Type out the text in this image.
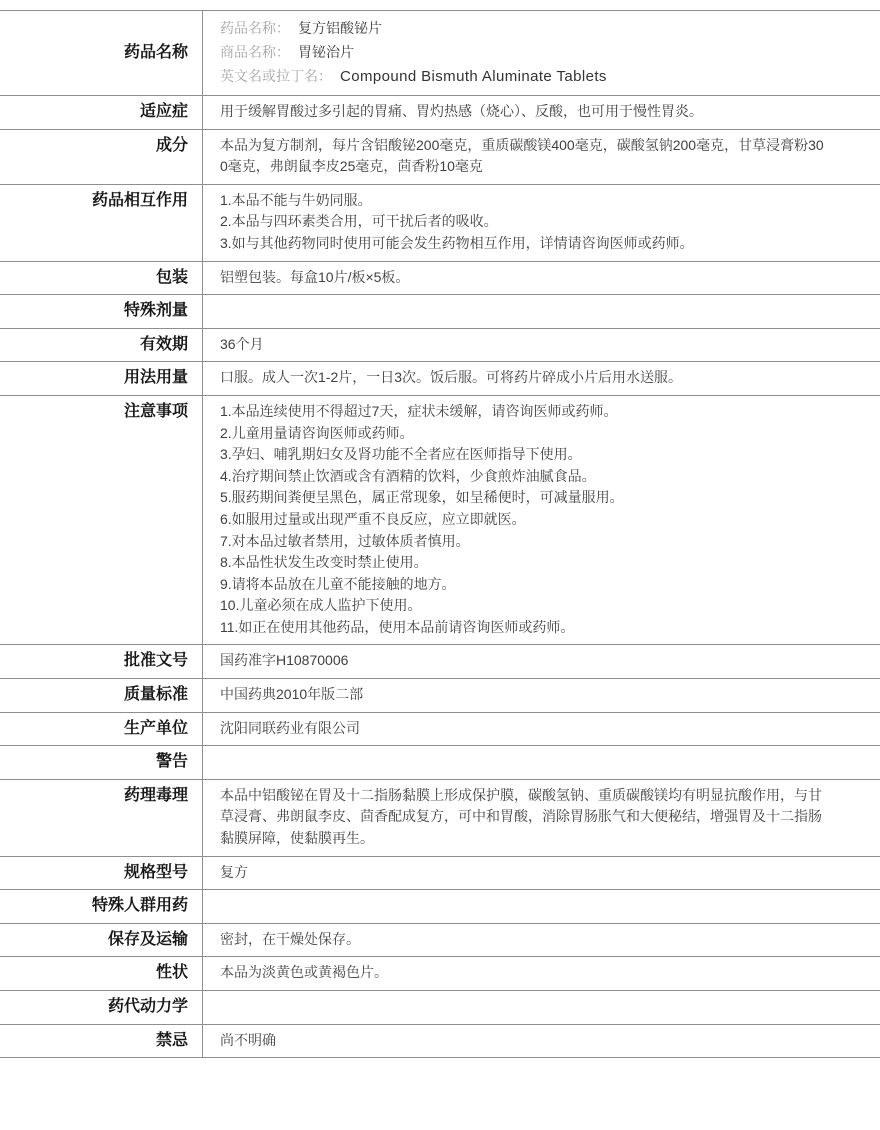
药品名称
药品名称： 复方铝酸铋片
商品名称： 胃铋治片
英文名或拉丁名： Compound Bismuth Aluminate Tablets
适应症	用于缓解胃酸过多引起的胃痛、胃灼热感（烧心）、反酸，也可用于慢性胃炎。
成分	本品为复方制剂，每片含铝酸铋200毫克，重质碳酸镁400毫克，碳酸氢钠200毫克，甘草浸膏粉300毫克，弗朗鼠李皮25毫克，茴香粉10毫克
药品相互作用	1.本品不能与牛奶同服。
2.本品与四环素类合用，可干扰后者的吸收。
3.如与其他药物同时使用可能会发生药物相互作用，详情请咨询医师或药师。
包装	铝塑包装。每盒10片/板×5板。
特殊剂量
有效期	36个月
用法用量	口服。成人一次1-2片，一日3次。饭后服。可将药片碎成小片后用水送服。
注意事项	1.本品连续使用不得超过7天，症状未缓解，请咨询医师或药师。
2.儿童用量请咨询医师或药师。
3.孕妇、哺乳期妇女及肾功能不全者应在医师指导下使用。
4.治疗期间禁止饮酒或含有酒精的饮料，少食煎炸油腻食品。
5.服药期间粪便呈黑色，属正常现象，如呈稀便时，可减量服用。
6.如服用过量或出现严重不良反应，应立即就医。
7.对本品过敏者禁用，过敏体质者慎用。
8.本品性状发生改变时禁止使用。
9.请将本品放在儿童不能接触的地方。
10.儿童必须在成人监护下使用。
11.如正在使用其他药品，使用本品前请咨询医师或药师。
批准文号	国药准字H10870006
质量标准	中国药典2010年版二部
生产单位	沈阳同联药业有限公司
警告
药理毒理	本品中铝酸铋在胃及十二指肠黏膜上形成保护膜，碳酸氢钠、重质碳酸镁均有明显抗酸作用，与甘草浸膏、弗朗鼠李皮、茴香配成复方，可中和胃酸，消除胃肠胀气和大便秘结，增强胃及十二指肠黏膜屏障，使黏膜再生。
规格型号	复方
特殊人群用药
保存及运输	密封，在干燥处保存。
性状	本品为淡黄色或黄褐色片。
药代动力学
禁忌	尚不明确
